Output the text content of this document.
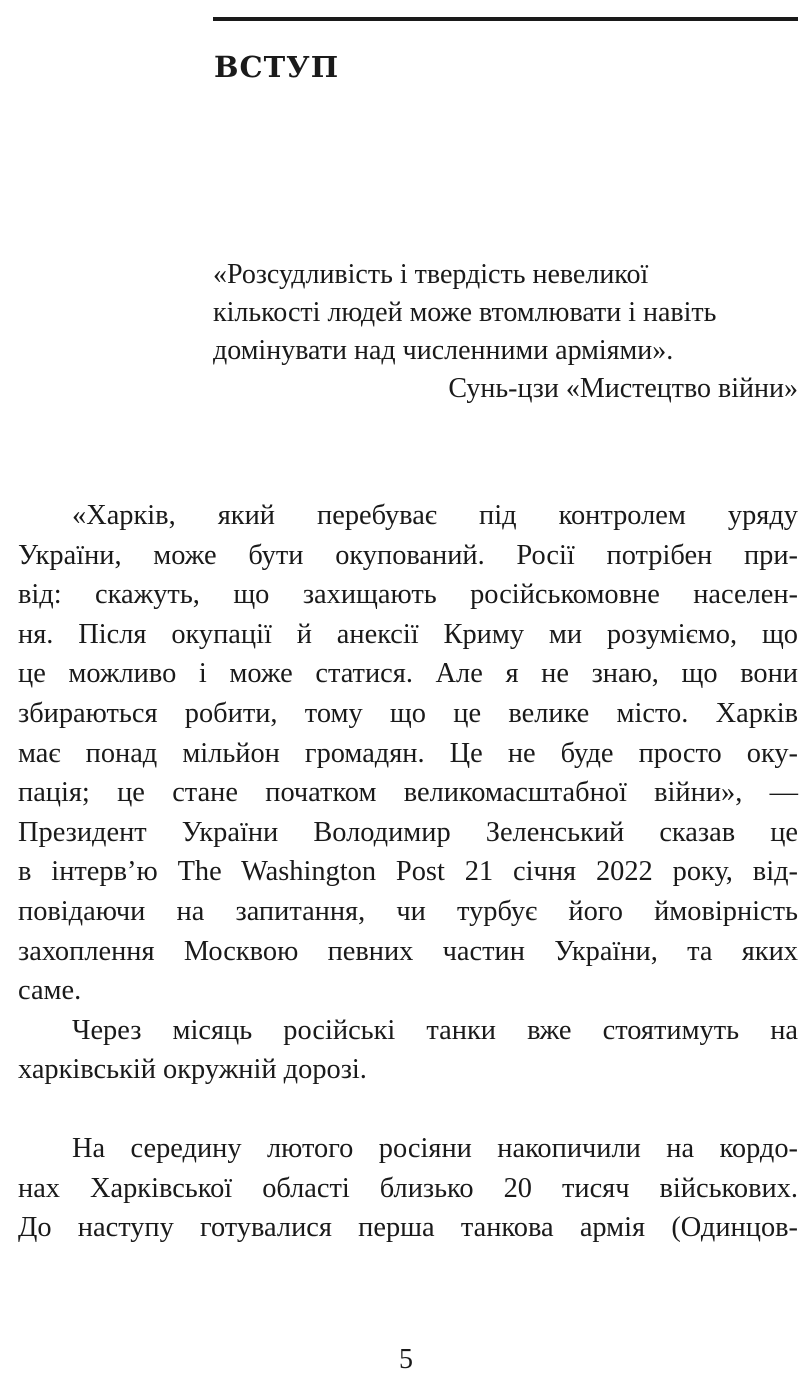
ВСТУП
«Розсудливість і твердість невеликої
кількості людей може втомлювати і навіть
домінувати над численними арміями».
Сунь-цзи «Мистецтво війни»
«Харків, який перебуває під контролем уряду
України, може бути окупований. Росії потрібен при-
від: скажуть, що захищають російськомовне населен-
ня. Після окупації й анексії Криму ми розуміємо, що
це можливо і може статися. Але я не знаю, що вони
збираються робити, тому що це велике місто. Харків
має понад мільйон громадян. Це не буде просто оку-
пація; це стане початком великомасштабної війни», —
Президент України Володимир Зеленський сказав це
в інтерв’ю The Washington Post 21 січня 2022 року, від-
повідаючи на запитання, чи турбує його ймовірність
захоплення Москвою певних частин України, та яких
саме.
Через місяць російські танки вже стоятимуть на
харківській окружній дорозі.
На середину лютого росіяни накопичили на кордо-
нах Харківської області близько 20 тисяч військових.
До наступу готувалися перша танкова армія (Одинцов-
5
